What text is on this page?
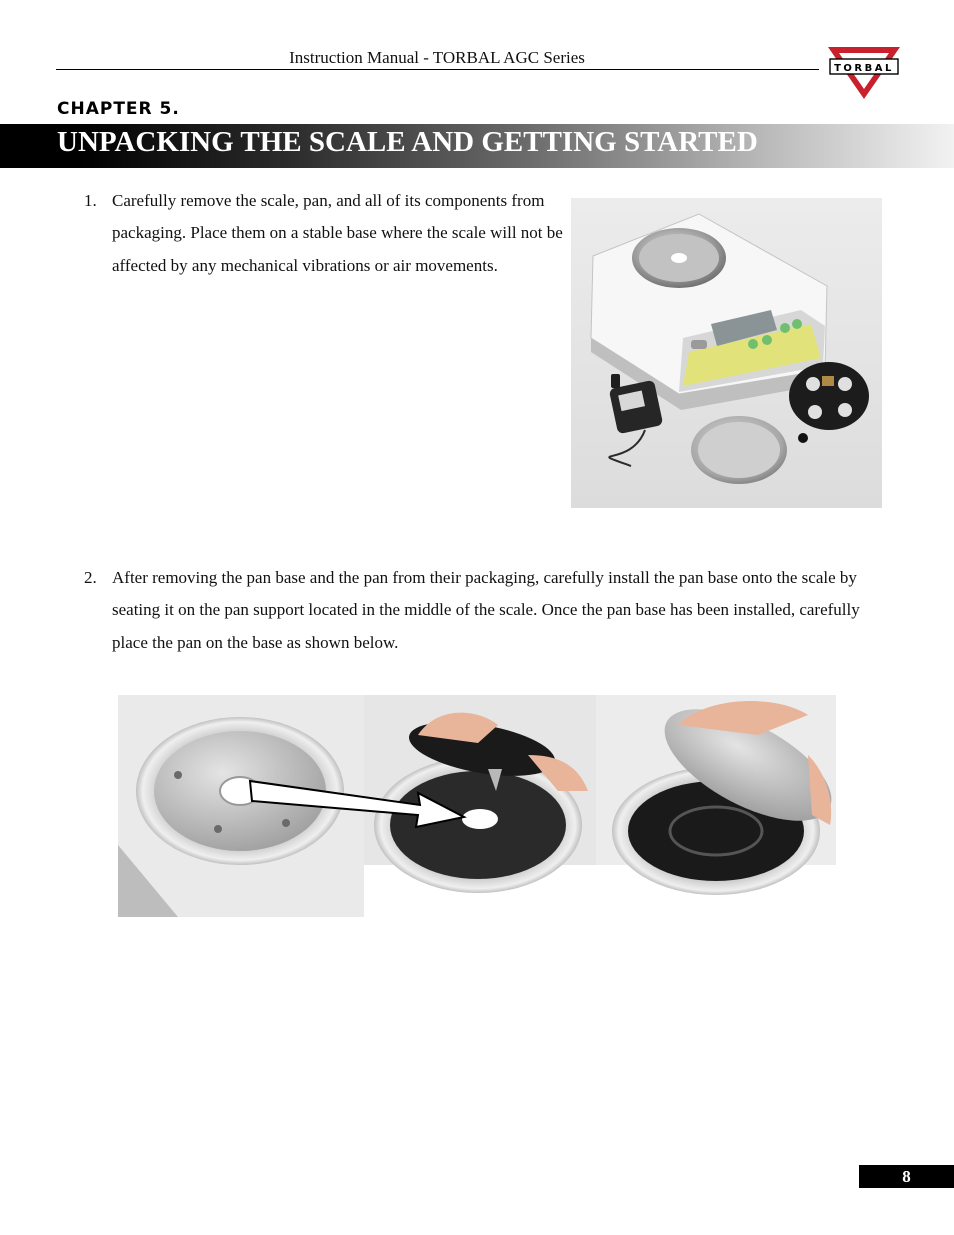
Instruction Manual - TORBAL AGC Series
TORBAL
CHAPTER 5.
UNPACKING THE SCALE AND GETTING STARTED
1. Carefully remove the scale, pan, and all of its components from packaging. Place them on a stable base where the scale will not be affected by any mechanical vibrations or air movements.
2. After removing the pan base and the pan from their packaging, carefully install the pan base onto the scale by seating it on the pan support located in the middle of the scale. Once the pan base has been installed, carefully place the pan on the base as shown below.
8
